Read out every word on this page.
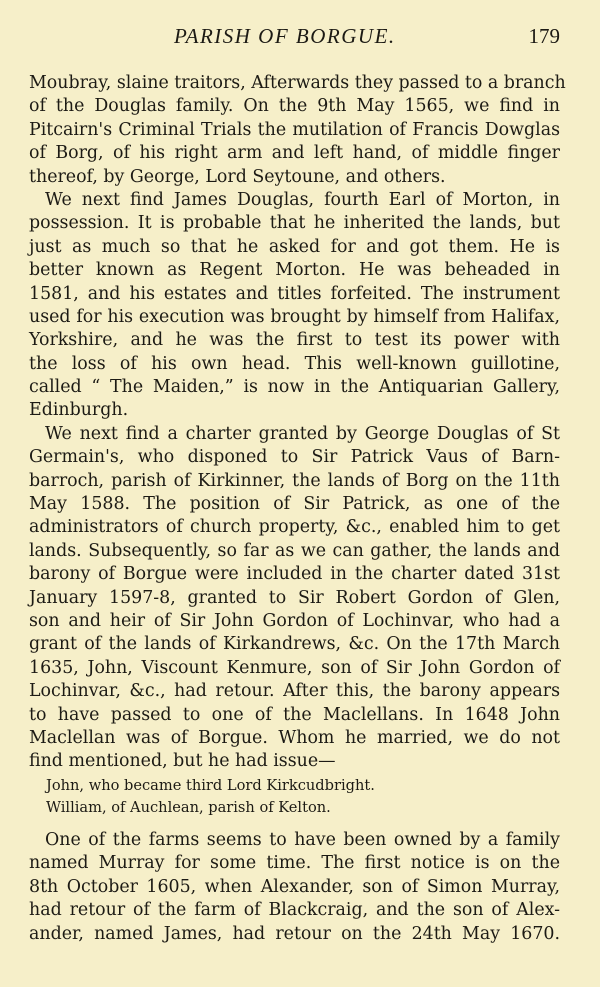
PARISH OF BORGUE.	179
Moubray, slaine traitors, Afterwards they passed to a branch
of the Douglas family. On the 9th May 1565, we find in
Pitcairn's Criminal Trials the mutilation of Francis Dowglas
of Borg, of his right arm and left hand, of middle finger
thereof, by George, Lord Seytoune, and others.
We next find James Douglas, fourth Earl of Morton, in
possession. It is probable that he inherited the lands, but
just as much so that he asked for and got them. He is
better known as Regent Morton. He was beheaded in
1581, and his estates and titles forfeited. The instrument
used for his execution was brought by himself from Halifax,
Yorkshire, and he was the first to test its power with
the loss of his own head. This well-known guillotine,
called “ The Maiden,” is now in the Antiquarian Gallery,
Edinburgh.
We next find a charter granted by George Douglas of St
Germain's, who disponed to Sir Patrick Vaus of Barn-
barroch, parish of Kirkinner, the lands of Borg on the 11th
May 1588. The position of Sir Patrick, as one of the
administrators of church property, &c., enabled him to get
lands. Subsequently, so far as we can gather, the lands and
barony of Borgue were included in the charter dated 31st
January 1597-8, granted to Sir Robert Gordon of Glen,
son and heir of Sir John Gordon of Lochinvar, who had a
grant of the lands of Kirkandrews, &c. On the 17th March
1635, John, Viscount Kenmure, son of Sir John Gordon of
Lochinvar, &c., had retour. After this, the barony appears
to have passed to one of the Maclellans. In 1648 John
Maclellan was of Borgue. Whom he married, we do not
find mentioned, but he had issue—
John, who became third Lord Kirkcudbright.
William, of Auchlean, parish of Kelton.
One of the farms seems to have been owned by a family
named Murray for some time. The first notice is on the
8th October 1605, when Alexander, son of Simon Murray,
had retour of the farm of Blackcraig, and the son of Alex-
ander, named James, had retour on the 24th May 1670.
